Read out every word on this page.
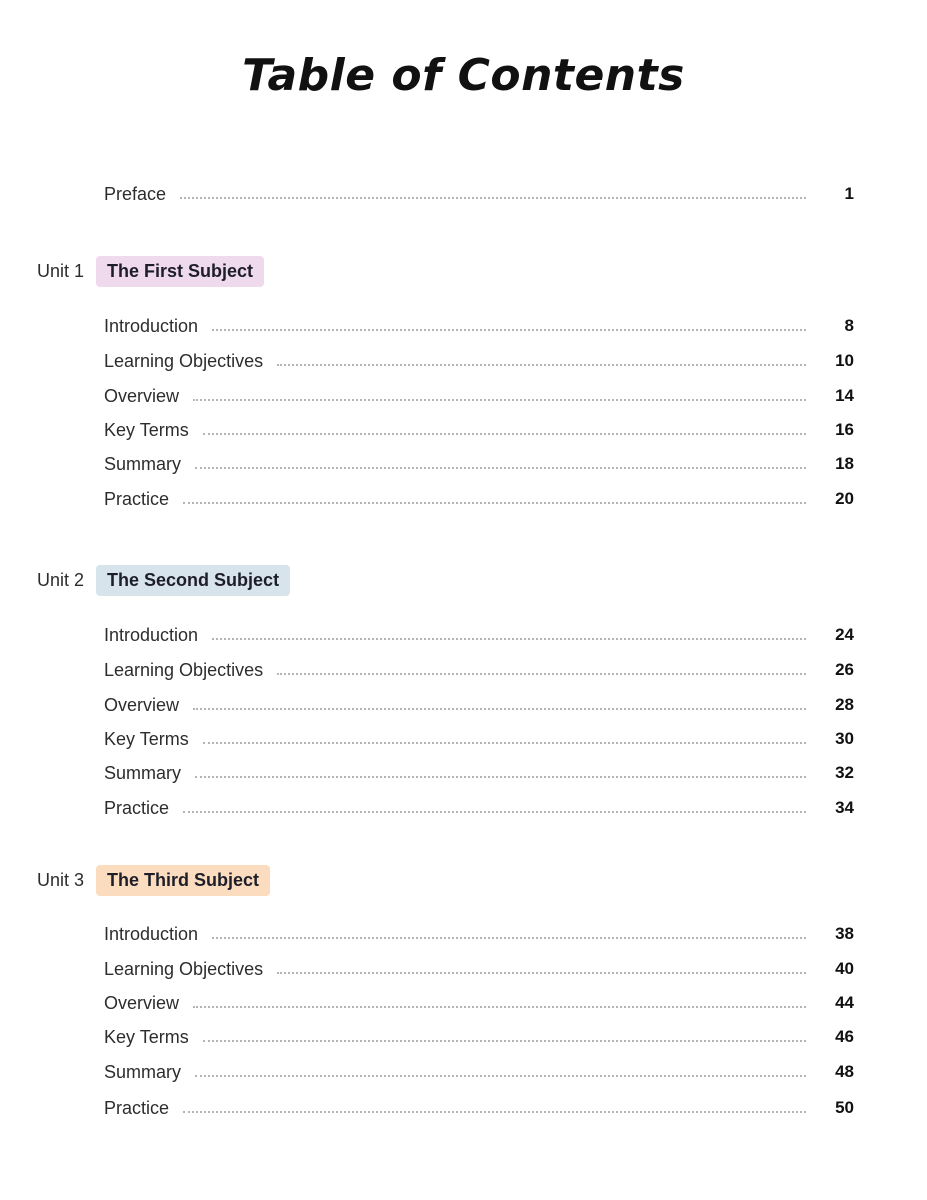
Table of Contents
Preface	1
Unit 1	The First Subject
Introduction	8
Learning Objectives	10
Overview	14
Key Terms	16
Summary	18
Practice	20
Unit 2	The Second Subject
Introduction	24
Learning Objectives	26
Overview	28
Key Terms	30
Summary	32
Practice	34
Unit 3	The Third Subject
Introduction	38
Learning Objectives	40
Overview	44
Key Terms	46
Summary	48
Practice	50
